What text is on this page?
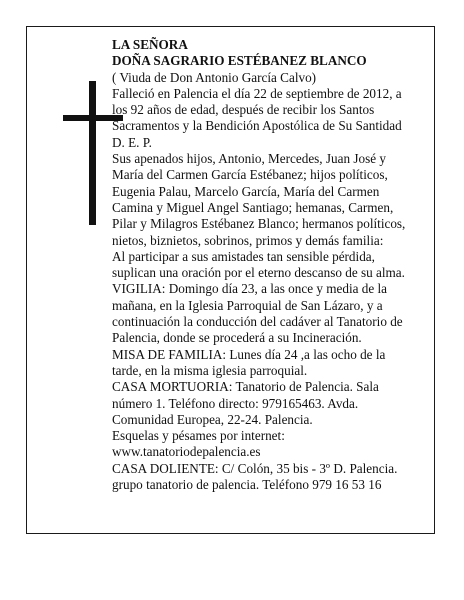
LA SEÑORA
DOÑA SAGRARIO ESTÉBANEZ BLANCO
( Viuda de Don Antonio García Calvo)
Falleció en Palencia el día 22 de septiembre de 2012, a
los 92 años de edad, después de recibir los Santos
Sacramentos y la Bendición Apostólica de Su Santidad
D. E. P.
Sus apenados hijos, Antonio, Mercedes, Juan José y
María del Carmen García Estébanez; hijos políticos,
Eugenia Palau, Marcelo García, María del Carmen
Camina y Miguel Angel Santiago; hemanas, Carmen,
Pilar y Milagros Estébanez Blanco; hermanos políticos,
nietos, biznietos, sobrinos, primos y demás familia:
Al participar a sus amistades tan sensible pérdida,
suplican una oración por el eterno descanso de su alma.
VIGILIA: Domingo día 23, a las once y media de la
mañana, en la Iglesia Parroquial de San Lázaro, y a
continuación la conducción del cadáver al Tanatorio de
Palencia, donde se procederá a su Incineración.
MISA DE FAMILIA: Lunes día 24 ,a las ocho de la
tarde, en la misma iglesia parroquial.
CASA MORTUORIA: Tanatorio de Palencia. Sala
número 1. Teléfono directo: 979165463. Avda.
Comunidad Europea, 22-24. Palencia.
Esquelas y pésames por internet:
www.tanatoriodepalencia.es
CASA DOLIENTE: C/ Colón, 35 bis - 3º D. Palencia.
grupo tanatorio de palencia. Teléfono 979 16 53 16
